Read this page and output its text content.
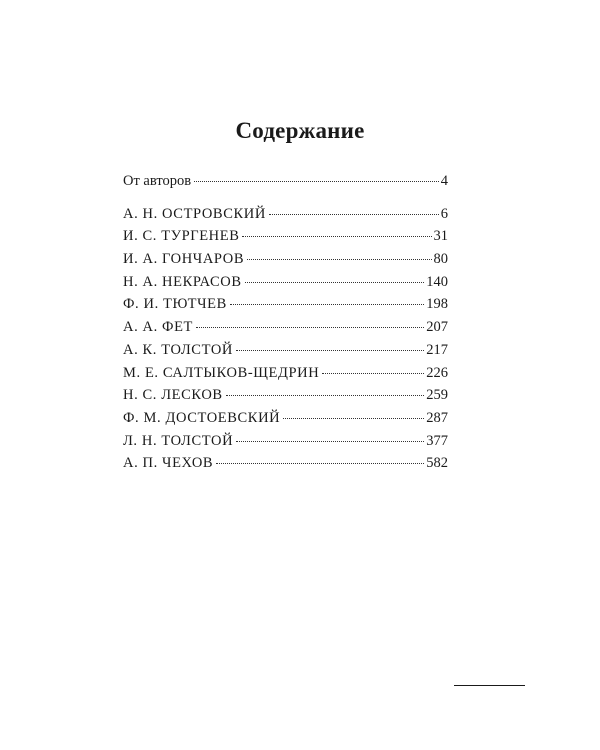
Содержание
От авторов	4
А. Н. ОСТРОВСКИЙ	6
И. С. ТУРГЕНЕВ	31
И. А. ГОНЧАРОВ	80
Н. А. НЕКРАСОВ	140
Ф. И. ТЮТЧЕВ	198
А. А. ФЕТ	207
А. К. ТОЛСТОЙ	217
М. Е. САЛТЫКОВ-ЩЕДРИН	226
Н. С. ЛЕСКОВ	259
Ф. М. ДОСТОЕВСКИЙ	287
Л. Н. ТОЛСТОЙ	377
А. П. ЧЕХОВ	582
